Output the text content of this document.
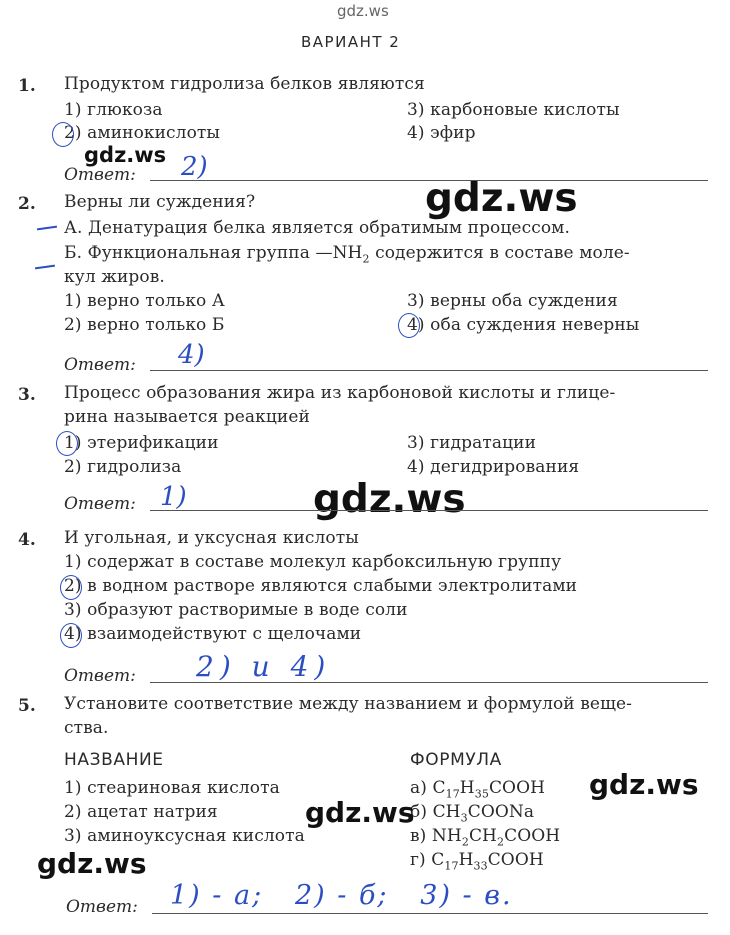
gdz.ws
ВАРИАНТ 2
1. Продуктом гидролиза белков являются
1) глюкоза
2) аминокислоты
3) карбоновые кислоты
4) эфир
gdz.ws
Ответ: 2)
2. Верны ли суждения?	gdz.ws
А. Денатурация белка является обратимым процессом.
Б. Функциональная группа $—NH_2$ содержится в составе моле-
кул жиров.
1) верно только А
2) верно только Б
3) верны оба суждения
4) оба суждения неверны
Ответ: 4)
3. Процесс образования жира из карбоновой кислоты и глице-
рина называется реакцией
1) этерификации
2) гидролиза
3) гидратации
4) дегидрирования
gdz.ws
Ответ: 1)
4. И угольная, и уксусная кислоты
1) содержат в составе молекул карбоксильную группу
2) в водном растворе являются слабыми электролитами
3) образуют растворимые в воде соли
4) взаимодействуют с щелочами
Ответ: 2) и 4)
5. Установите соответствие между названием и формулой веще-
ства.
НАЗВАНИЕ	ФОРМУЛА
1) стеариновая кислота
2) ацетат натрия
3) аминоуксусная кислота
а) $C_{17}H_{35}COOH$
б) $CH_3COONa$
в) $NH_2CH_2COOH$
г) $C_{17}H_{33}COOH$
gdz.ws
gdz.ws
gdz.ws
Ответ: 1) - а;   2) - б;   3) - в.
